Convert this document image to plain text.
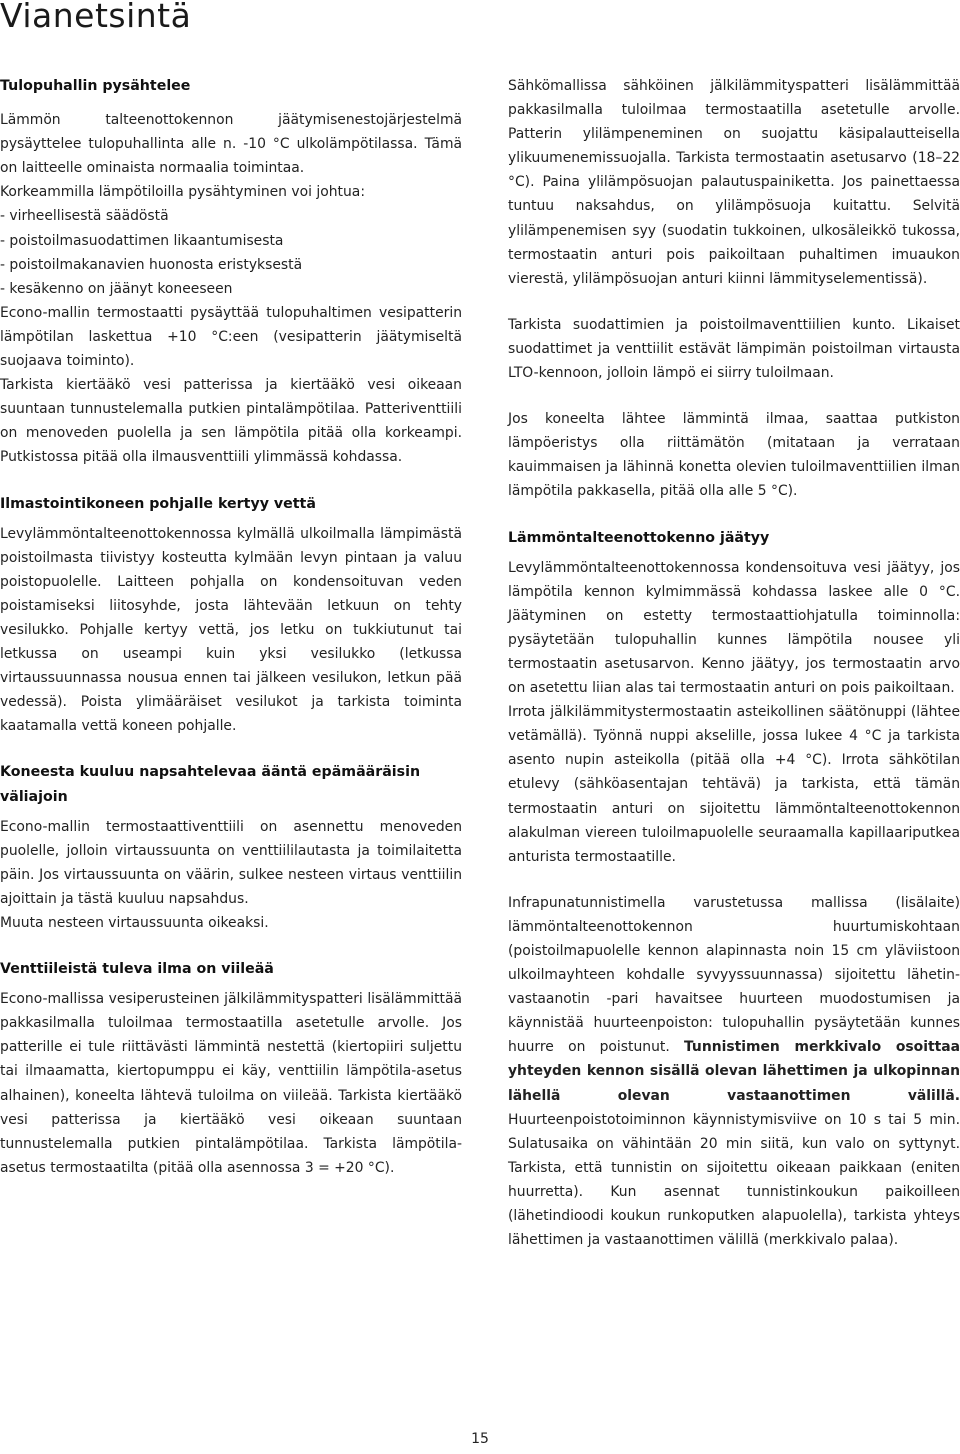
Vianetsintä
Tulopuhallin pysähtelee

Lämmön talteenottokennon jäätymisenestojärjestelmä pysäyttelee tulopuhallinta alle n. -10 °C ulkolämpötilassa. Tämä on laitteelle ominaista normaalia toimintaa.

Korkeammilla lämpötiloilla pysähtyminen voi johtua:

- virheellisestä säädöstä

- poistoilmasuodattimen likaantumisesta

- poistoilmakanavien huonosta eristyksestä

- kesäkenno on jäänyt koneeseen

Econo-mallin termostaatti pysäyttää tulopuhaltimen vesipatterin lämpötilan laskettua +10 °C:een (vesipatterin jäätymiseltä suojaava toiminto).

Tarkista kiertääkö vesi patterissa ja kiertääkö vesi oikeaan suuntaan tunnustelemalla putkien pintalämpötilaa. Patteriventtiili on menoveden puolella ja sen lämpötila pitää olla korkeampi. Putkistossa pitää olla ilmausventtiili ylimmässä kohdassa.

Ilmastointikoneen pohjalle kertyy vettä

Levylämmöntalteenottokennossa kylmällä ulkoilmalla lämpimästä poistoilmasta tiivistyy kosteutta kylmään levyn pintaan ja valuu poistopuolelle. Laitteen pohjalla on kondensoituvan veden poistamiseksi liitosyhde, josta lähtevään letkuun on tehty vesilukko. Pohjalle kertyy vettä, jos letku on tukkiutunut tai letkussa on useampi kuin yksi vesilukko (letkussa virtaussuunnassa nousua ennen tai jälkeen vesilukon, letkun pää vedessä). Poista ylimääräiset vesilukot ja tarkista toiminta kaatamalla vettä koneen pohjalle.

Koneesta kuuluu napsahtelevaa ääntä epämääräisin väliajoin

Econo-mallin termostaattiventtiili on asennettu menoveden puolelle, jolloin virtaussuunta on venttiililautasta ja toimilaitetta päin. Jos virtaussuunta on väärin, sulkee nesteen virtaus venttiilin ajoittain ja tästä kuuluu napsahdus.

Muuta nesteen virtaussuunta oikeaksi.

Venttiileistä tuleva ilma on viileää

Econo-mallissa vesiperusteinen jälkilämmityspatteri lisälämmittää pakkasilmalla tuloilmaa termostaatilla asetetulle arvolle. Jos patterille ei tule riittävästi lämmintä nestettä (kiertopiiri suljettu tai ilmaamatta, kiertopumppu ei käy, venttiilin lämpötila-asetus alhainen), koneelta lähtevä tuloilma on viileää. Tarkista kiertääkö vesi patterissa ja kiertääkö vesi oikeaan suuntaan tunnustelemalla putkien pintalämpötilaa. Tarkista lämpötila-asetus termostaatilta (pitää olla asennossa 3 = +20 °C).

Sähkömallissa sähköinen jälkilämmityspatteri lisälämmittää pakkasilmalla tuloilmaa termostaatilla asetetulle arvolle. Patterin ylilämpeneminen on suojattu käsipalautteisella ylikuumenemissuojalla. Tarkista termostaatin asetusarvo (18–22 °C). Paina ylilämpösuojan palautuspainiketta. Jos painettaessa tuntuu naksahdus, on ylilämpösuoja kuitattu. Selvitä ylilämpenemisen syy (suodatin tukkoinen, ulkosäleikkö tukossa, termostaatin anturi pois paikoiltaan puhaltimen imuaukon vierestä, ylilämpösuojan anturi kiinni lämmityselementissä).

Tarkista suodattimien ja poistoilmaventtiilien kunto. Likaiset suodattimet ja venttiilit estävät lämpimän poistoilman virtausta LTO-kennoon, jolloin lämpö ei siirry tuloilmaan.

Jos koneelta lähtee lämmintä ilmaa, saattaa putkiston lämpöeristys olla riittämätön (mitataan ja verrataan kauimmaisen ja lähinnä konetta olevien tuloilmaventtiilien ilman lämpötila pakkasella, pitää olla alle 5 °C).

Lämmöntalteenottokenno jäätyy

Levylämmöntalteenottokennossa kondensoituva vesi jäätyy, jos lämpötila kennon kylmimmässä kohdassa laskee alle 0 °C. Jäätyminen on estetty termostaattiohjatulla toiminnolla: pysäytetään tulopuhallin kunnes lämpötila nousee yli termostaatin asetusarvon. Kenno jäätyy, jos termostaatin arvo on asetettu liian alas tai termostaatin anturi on pois paikoiltaan.

Irrota jälkilämmitystermostaatin asteikollinen säätönuppi (lähtee vetämällä). Työnnä nuppi akselille, jossa lukee 4 °C ja tarkista asento nupin asteikolla (pitää olla +4 °C). Irrota sähkötilan etulevy (sähköasentajan tehtävä) ja tarkista, että tämän termostaatin anturi on sijoitettu lämmöntalteenottokennon alakulman viereen tuloilmapuolelle seuraamalla kapillaariputkea anturista termostaatille.

Infrapunatunnistimella varustetussa mallissa (lisälaite) lämmöntalteenottokennon huurtumiskohtaan (poistoilmapuolelle kennon alapinnasta noin 15 cm yläviistoon ulkoilmayhteen kohdalle syvyyssuunnassa) sijoitettu lähetin-vastaanotin -pari havaitsee huurteen muodostumisen ja käynnistää huurteenpoiston: tulopuhallin pysäytetään kunnes huurre on poistunut. Tunnistimen merkkivalo osoittaa yhteyden kennon sisällä olevan lähettimen ja ulkopinnan lähellä olevan vastaanottimen välillä. Huurteenpoistotoiminnon käynnistymisviive on 10 s tai 5 min. Sulatusaika on vähintään 20 min siitä, kun valo on syttynyt. Tarkista, että tunnistin on sijoitettu oikeaan paikkaan (eniten huurretta). Kun asennat tunnistinkoukun paikoilleen (lähetindioodi koukun runkoputken alapuolella), tarkista yhteys lähettimen ja vastaanottimen välillä (merkkivalo palaa).

15
